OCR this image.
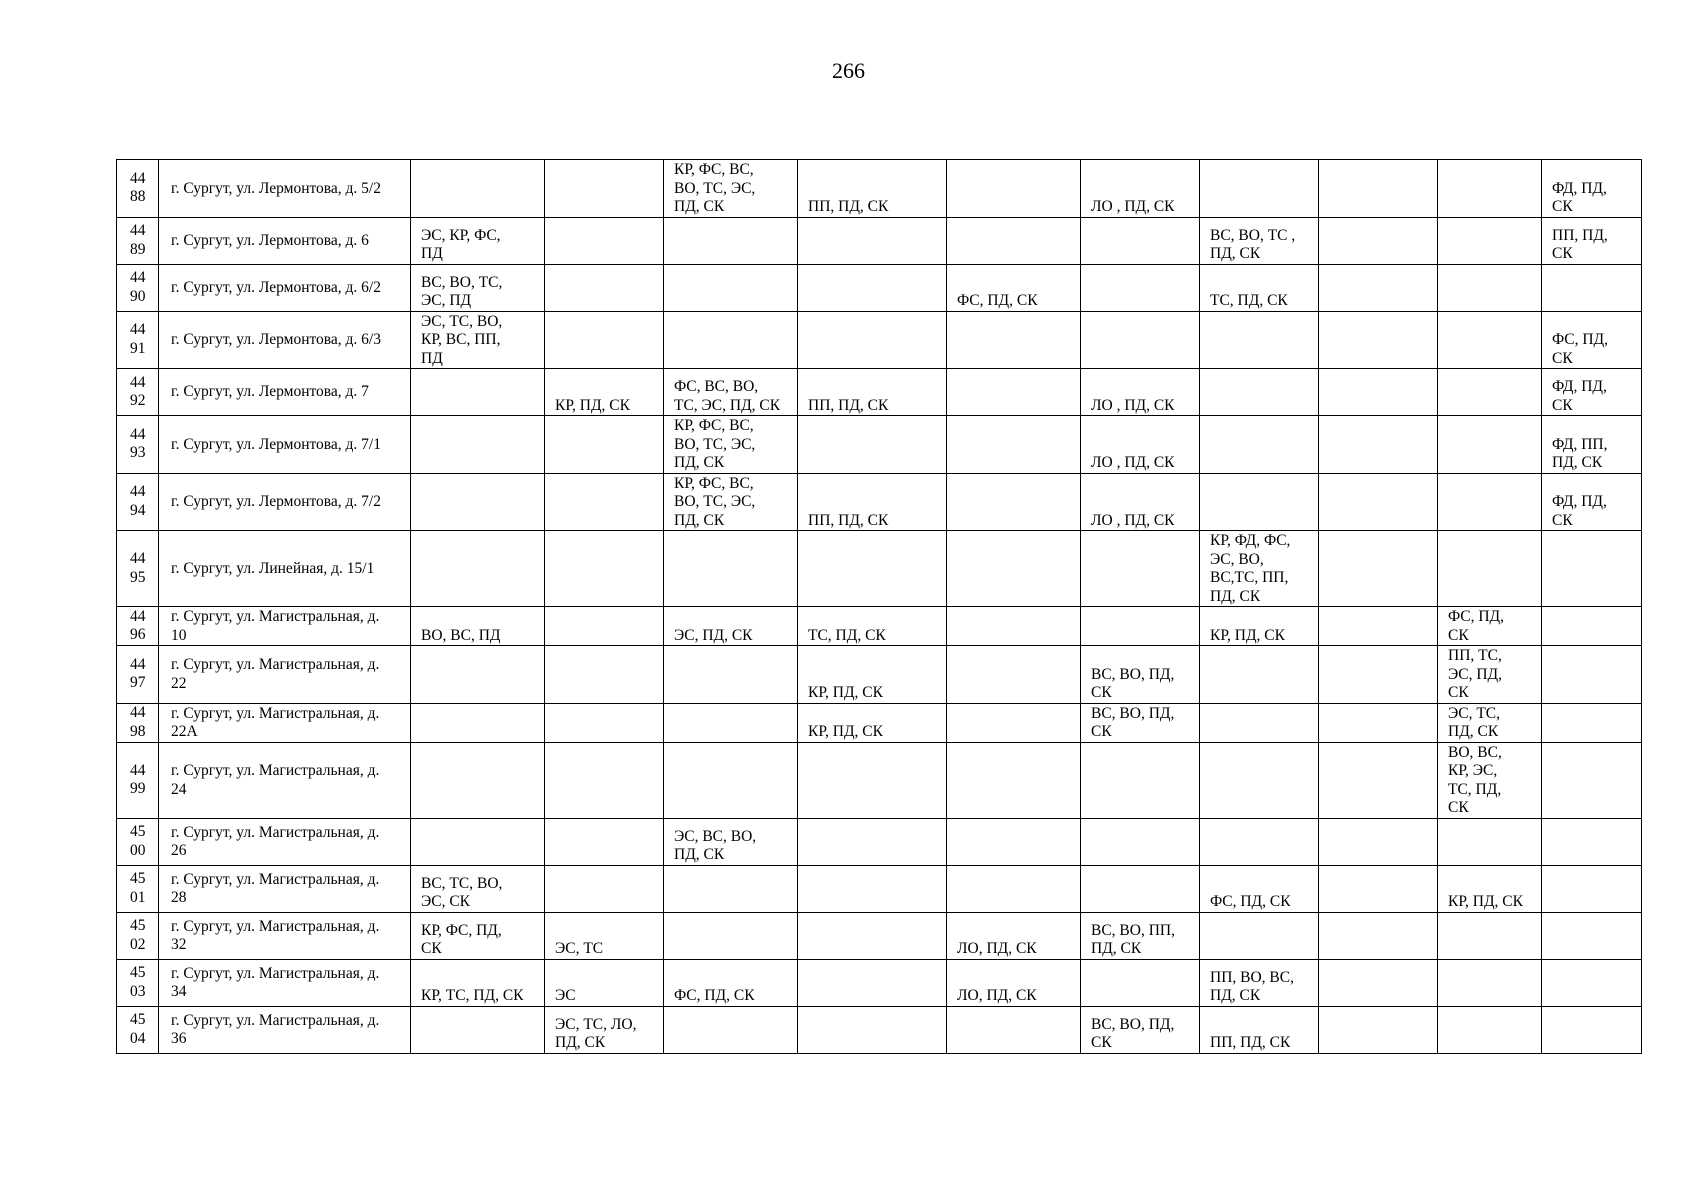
266
44
88	г. Сургут, ул. Лермонтова, д. 5/2			КР, ФС, ВС,
ВО, ТС, ЭС,
ПД, СК	ПП, ПД, СК		ЛО , ПД, СК				ФД, ПД,
СК
44
89	г. Сургут, ул. Лермонтова, д. 6	ЭС, КР, ФС,
ПД						ВС, ВО, ТС ,
ПД, СК			ПП, ПД,
СК
44
90	г. Сургут, ул. Лермонтова, д. 6/2	ВС, ВО, ТС,
ЭС, ПД				ФС, ПД, СК		ТС, ПД, СК			
44
91	г. Сургут, ул. Лермонтова, д. 6/3	ЭС, ТС, ВО,
КР, ВС, ПП,
ПД									ФС, ПД,
СК
44
92	г. Сургут, ул. Лермонтова, д. 7		КР, ПД, СК	ФС, ВС, ВО,
ТС, ЭС, ПД, СК	ПП, ПД, СК		ЛО , ПД, СК				ФД, ПД,
СК
44
93	г. Сургут, ул. Лермонтова, д. 7/1			КР, ФС, ВС,
ВО, ТС, ЭС,
ПД, СК			ЛО , ПД, СК				ФД, ПП,
ПД, СК
44
94	г. Сургут, ул. Лермонтова, д. 7/2			КР, ФС, ВС,
ВО, ТС, ЭС,
ПД, СК	ПП, ПД, СК		ЛО , ПД, СК				ФД, ПД,
СК
44
95	г. Сургут, ул. Линейная, д. 15/1							КР, ФД, ФС,
ЭС, ВО,
ВС,ТС, ПП,
ПД, СК			
44
96	г. Сургут, ул. Магистральная, д.
10	ВО, ВС, ПД		ЭС, ПД, СК	ТС, ПД, СК			КР, ПД, СК		ФС, ПД,
СК	
44
97	г. Сургут, ул. Магистральная, д.
22				КР, ПД, СК		ВС, ВО, ПД,
СК			ПП, ТС,
ЭС, ПД,
СК	
44
98	г. Сургут, ул. Магистральная, д.
22А				КР, ПД, СК		ВС, ВО, ПД,
СК			ЭС, ТС,
ПД, СК	
44
99	г. Сургут, ул. Магистральная, д.
24									ВО, ВС,
КР, ЭС,
ТС, ПД,
СК	
45
00	г. Сургут, ул. Магистральная, д.
26			ЭС, ВС, ВО,
ПД, СК							
45
01	г. Сургут, ул. Магистральная, д.
28	ВС, ТС, ВО,
ЭС, СК						ФС, ПД, СК		КР, ПД, СК	
45
02	г. Сургут, ул. Магистральная, д.
32	КР, ФС, ПД,
СК	ЭС, ТС			ЛО, ПД, СК	ВС, ВО, ПП,
ПД, СК				
45
03	г. Сургут, ул. Магистральная, д.
34	КР, ТС, ПД, СК	ЭС	ФС, ПД, СК		ЛО, ПД, СК		ПП, ВО, ВС,
ПД, СК			
45
04	г. Сургут, ул. Магистральная, д.
36		ЭС, ТС, ЛО,
ПД, СК				ВС, ВО, ПД,
СК	ПП, ПД, СК			
